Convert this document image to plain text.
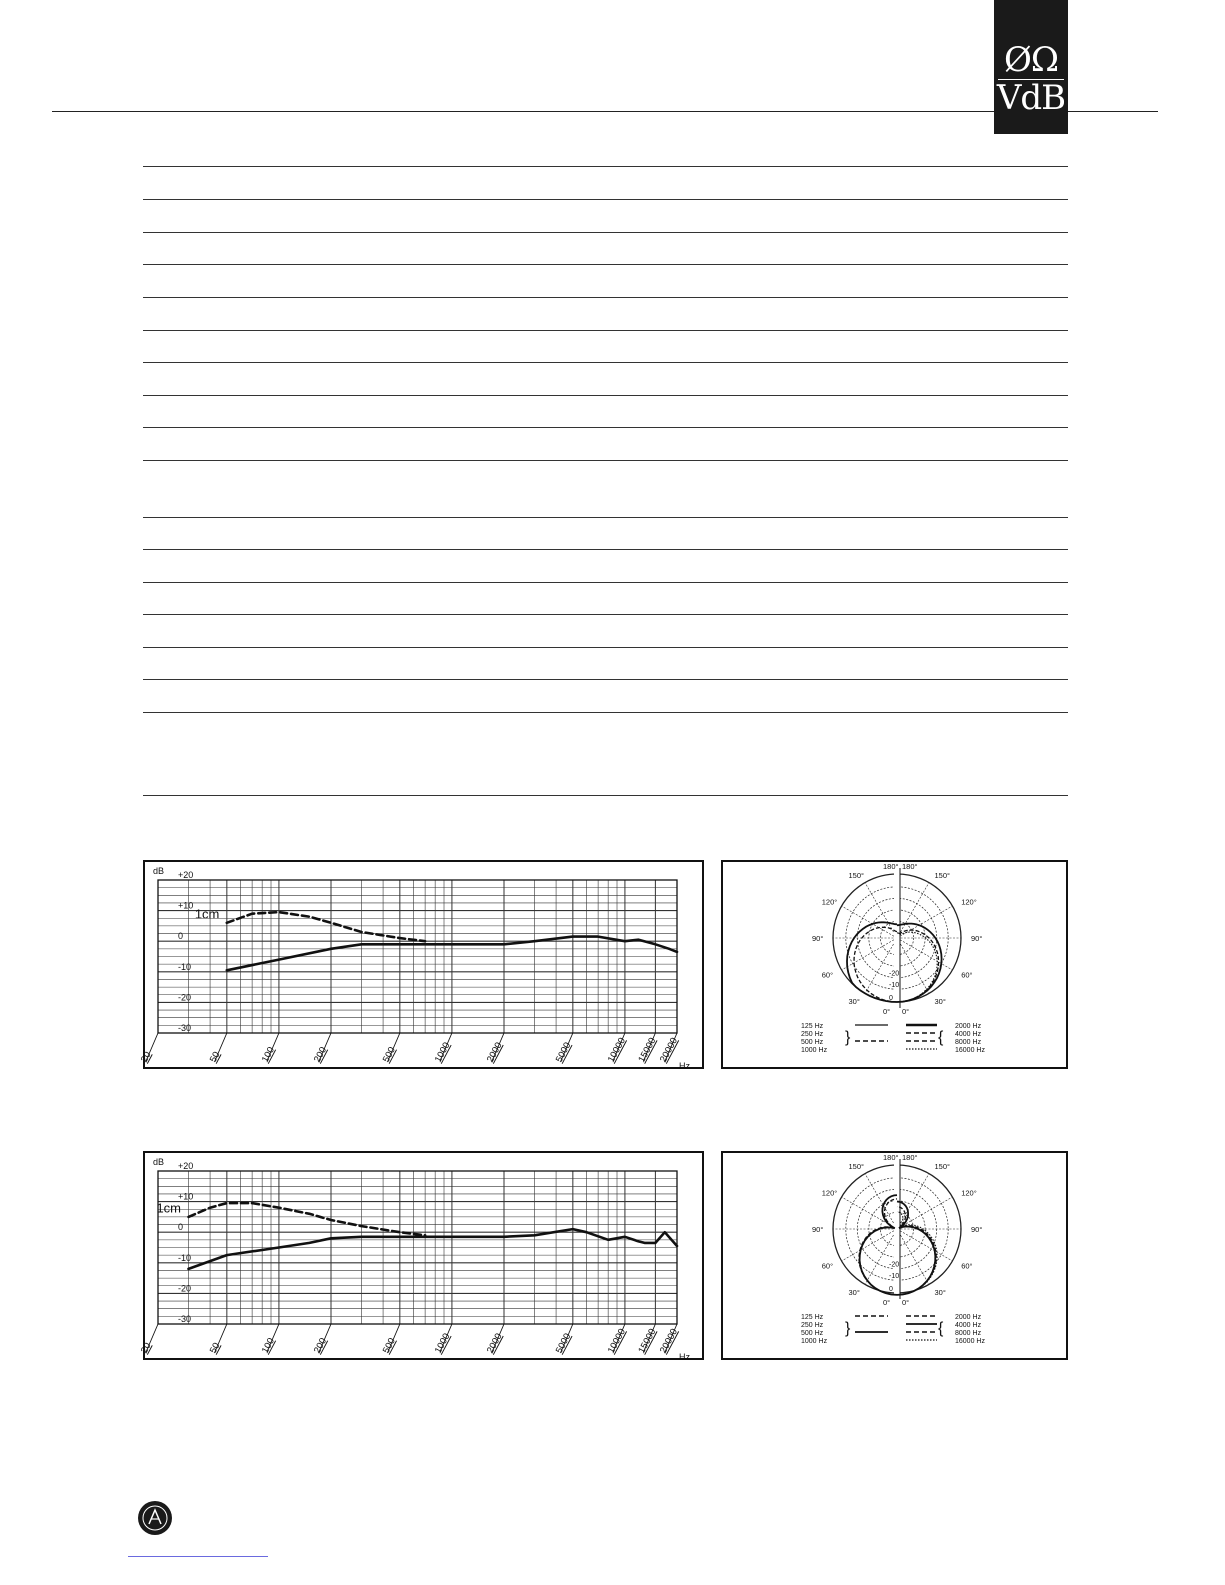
ØΩ
VdB
dB +20
+10
0
-10
-20
-30
20	50	100	200	500	1000	2000	5000	10000 15000 20000
Hz
1cm
180° 180°
150°	150°
120°	120°
90°	90°
60°	60°
30°	30°
0° 0°
0
-10
-20
125 Hz
250 Hz
500 Hz
1000 Hz
2000 Hz
4000 Hz
8000 Hz
16000 Hz
}	{
dB +20
+10
0
-10
-20
-30
20	50	100	200	500	1000	2000	5000	10000 15000 20000
Hz
1cm
180° 180°
150°	150°
120°	120°
90°	90°
60°	60°
30°	30°
0° 0°
0
-10
-20
125 Hz
250 Hz
500 Hz
1000 Hz
2000 Hz
4000 Hz
8000 Hz
16000 Hz
}	{
